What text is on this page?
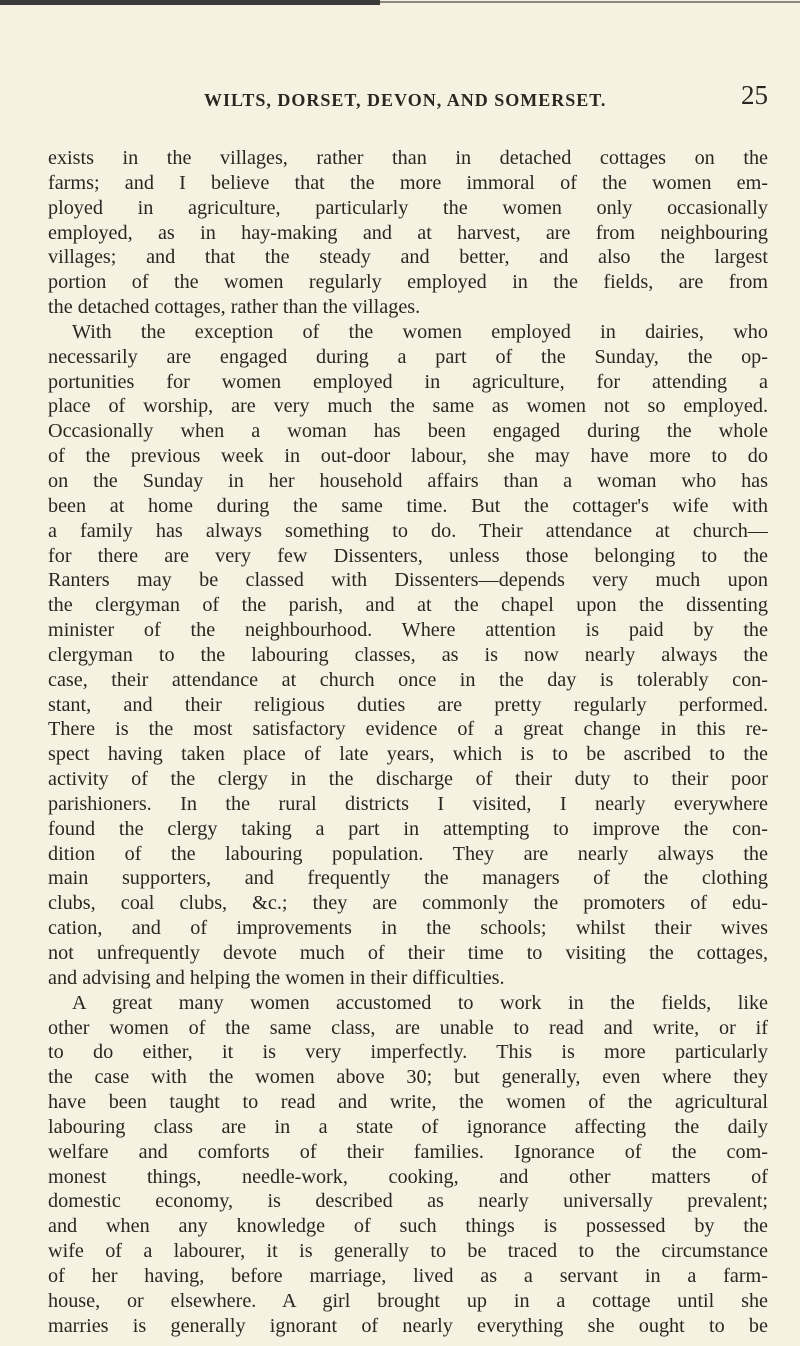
WILTS, DORSET, DEVON, AND SOMERSET.	25
exists in the villages, rather than in detached cottages on the
farms; and I believe that the more immoral of the women em-
ployed in agriculture, particularly the women only occasionally
employed, as in hay-making and at harvest, are from neighbouring
villages; and that the steady and better, and also the largest
portion of the women regularly employed in the fields, are from
the detached cottages, rather than the villages.
With the exception of the women employed in dairies, who
necessarily are engaged during a part of the Sunday, the op-
portunities for women employed in agriculture, for attending a
place of worship, are very much the same as women not so employed.
Occasionally when a woman has been engaged during the whole
of the previous week in out-door labour, she may have more to do
on the Sunday in her household affairs than a woman who has
been at home during the same time. But the cottager's wife with
a family has always something to do. Their attendance at church—
for there are very few Dissenters, unless those belonging to the
Ranters may be classed with Dissenters—depends very much upon
the clergyman of the parish, and at the chapel upon the dissenting
minister of the neighbourhood. Where attention is paid by the
clergyman to the labouring classes, as is now nearly always the
case, their attendance at church once in the day is tolerably con-
stant, and their religious duties are pretty regularly performed.
There is the most satisfactory evidence of a great change in this re-
spect having taken place of late years, which is to be ascribed to the
activity of the clergy in the discharge of their duty to their poor
parishioners. In the rural districts I visited, I nearly everywhere
found the clergy taking a part in attempting to improve the con-
dition of the labouring population. They are nearly always the
main supporters, and frequently the managers of the clothing
clubs, coal clubs, &c.; they are commonly the promoters of edu-
cation, and of improvements in the schools; whilst their wives
not unfrequently devote much of their time to visiting the cottages,
and advising and helping the women in their difficulties.
A great many women accustomed to work in the fields, like
other women of the same class, are unable to read and write, or if
to do either, it is very imperfectly. This is more particularly
the case with the women above 30; but generally, even where they
have been taught to read and write, the women of the agricultural
labouring class are in a state of ignorance affecting the daily
welfare and comforts of their families. Ignorance of the com-
monest things, needle-work, cooking, and other matters of
domestic economy, is described as nearly universally prevalent;
and when any knowledge of such things is possessed by the
wife of a labourer, it is generally to be traced to the circumstance
of her having, before marriage, lived as a servant in a farm-
house, or elsewhere. A girl brought up in a cottage until she
marries is generally ignorant of nearly everything she ought to be
